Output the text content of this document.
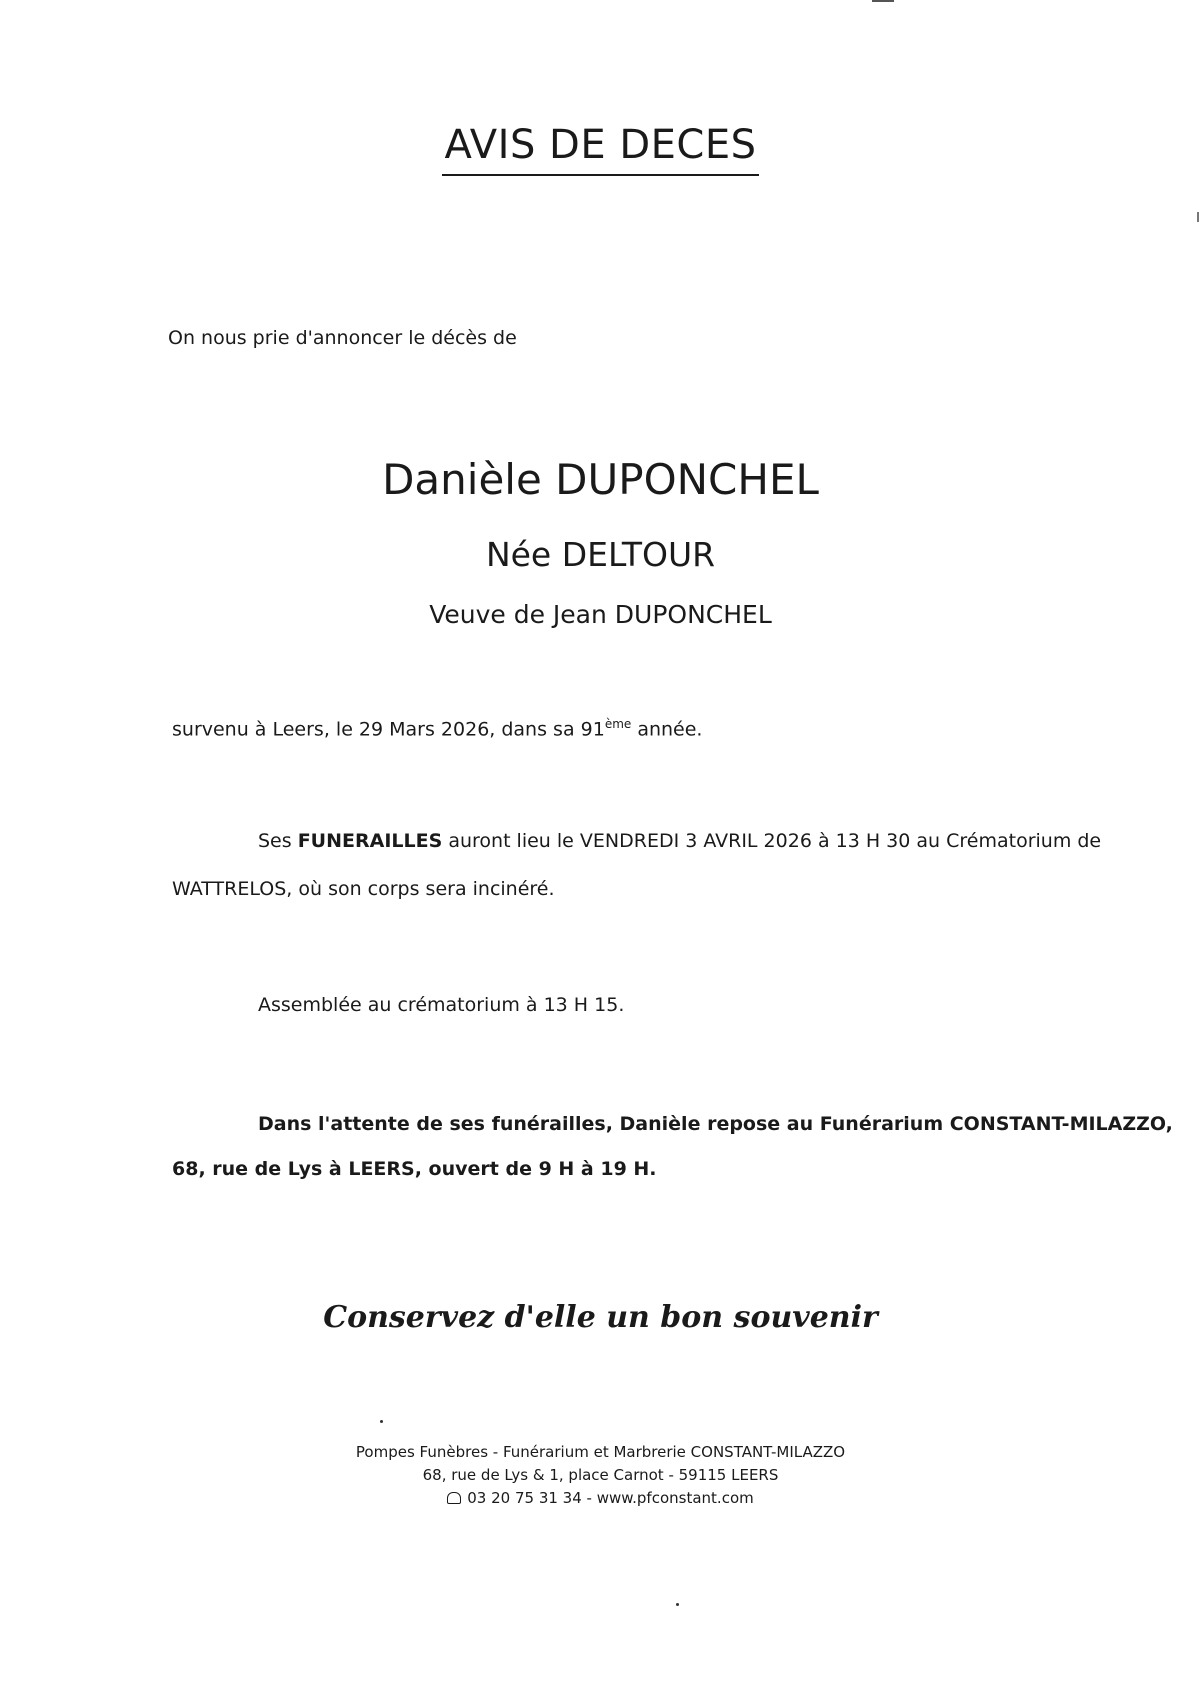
AVIS DE DECES
On nous prie d'annoncer le décès de
Danièle DUPONCHEL
Née DELTOUR
Veuve de Jean DUPONCHEL
survenu à Leers, le 29 Mars 2026, dans sa 91ème année.
Ses FUNERAILLES auront lieu le VENDREDI 3 AVRIL 2026 à 13 H 30 au Crématorium de
WATTRELOS, où son corps sera incinéré.
Assemblée au crématorium à 13 H 15.
Dans l'attente de ses funérailles, Danièle repose au Funérarium CONSTANT-MILAZZO,
68, rue de Lys à LEERS, ouvert de 9 H à 19 H.
Conservez d'elle un bon souvenir
Pompes Funèbres - Funérarium et Marbrerie CONSTANT-MILAZZO
68, rue de Lys & 1, place Carnot - 59115 LEERS
03 20 75 31 34 - www.pfconstant.com
